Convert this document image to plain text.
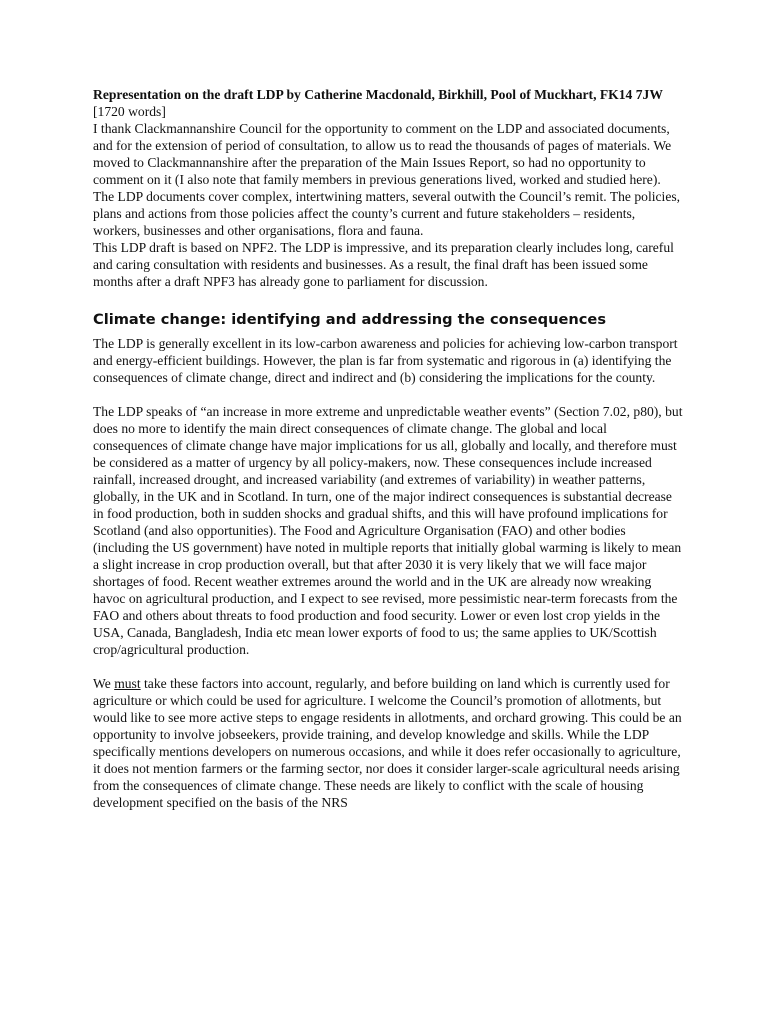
Representation on the draft LDP by Catherine Macdonald, Birkhill, Pool of Muckhart, FK14 7JW

[1720 words]

I thank Clackmannanshire Council for the opportunity to comment on the LDP and associated documents, and for the extension of period of consultation, to allow us to read the thousands of pages of materials. We moved to Clackmannanshire after the preparation of the Main Issues Report, so had no opportunity to comment on it (I also note that family members in previous generations lived, worked and studied here).

The LDP documents cover complex, intertwining matters, several outwith the Council’s remit. The policies, plans and actions from those policies affect the county’s current and future stakeholders – residents, workers, businesses and other organisations, flora and fauna.

This LDP draft is based on NPF2. The LDP is impressive, and its preparation clearly includes long, careful and caring consultation with residents and businesses. As a result, the final draft has been issued some months after a draft NPF3 has already gone to parliament for discussion.

Climate change: identifying and addressing the consequences

The LDP is generally excellent in its low-carbon awareness and policies for achieving low-carbon transport and energy-efficient buildings. However, the plan is far from systematic and rigorous in (a) identifying the consequences of climate change, direct and indirect and (b) considering the implications for the county.

The LDP speaks of “an increase in more extreme and unpredictable weather events” (Section 7.02, p80), but does no more to identify the main direct consequences of climate change. The global and local consequences of climate change have major implications for us all, globally and locally, and therefore must be considered as a matter of urgency by all policy-makers, now. These consequences include increased rainfall, increased drought, and increased variability (and extremes of variability) in weather patterns, globally, in the UK and in Scotland. In turn, one of the major indirect consequences is substantial decrease in food production, both in sudden shocks and gradual shifts, and this will have profound implications for Scotland (and also opportunities). The Food and Agriculture Organisation (FAO) and other bodies (including the US government) have noted in multiple reports that initially global warming is likely to mean a slight increase in crop production overall, but that after 2030 it is very likely that we will face major shortages of food. Recent weather extremes around the world and in the UK are already now wreaking havoc on agricultural production, and I expect to see revised, more pessimistic near-term forecasts from the FAO and others about threats to food production and food security. Lower or even lost crop yields in the USA, Canada, Bangladesh, India etc mean lower exports of food to us; the same applies to UK/Scottish crop/agricultural production.

We must take these factors into account, regularly, and before building on land which is currently used for agriculture or which could be used for agriculture. I welcome the Council’s promotion of allotments, but would like to see more active steps to engage residents in allotments, and orchard growing. This could be an opportunity to involve jobseekers, provide training, and develop knowledge and skills. While the LDP specifically mentions developers on numerous occasions, and while it does refer occasionally to agriculture, it does not mention farmers or the farming sector, nor does it consider larger-scale agricultural needs arising from the consequences of climate change. These needs are likely to conflict with the scale of housing development specified on the basis of the NRS
